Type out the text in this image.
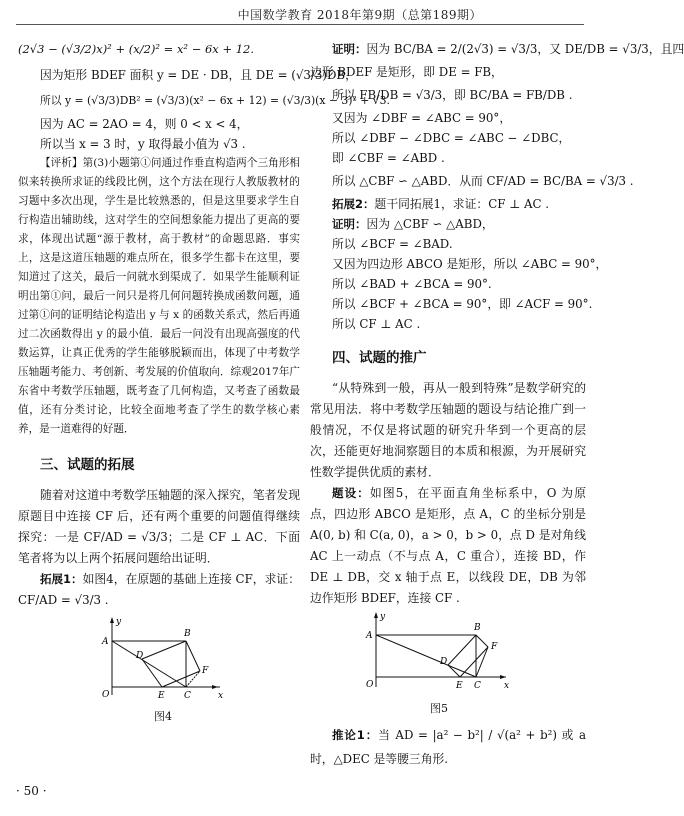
中国数学教育 2018年第9期（总第189期）
(2√3 − (√3/2)x)² + (x/2)² = x² − 6x + 12.
因为矩形 BDEF 面积 y = DE · DB，且 DE = (√3/3)DB，
所以 y = (√3/3)DB² = (√3/3)(x² − 6x + 12) = (√3/3)(x − 3)² + √3.
因为 AC = 2AO = 4，则 0 < x < 4，
所以当 x = 3 时，y 取得最小值为 √3 .
【评析】第(3)小题第①问通过作垂直构造两个三角形相似来转换所求证的线段比例，这个方法在现行人教版教材的习题中多次出现，学生是比较熟悉的，但是这里要求学生自行构造出辅助线，这对学生的空间想象能力提出了更高的要求，体现出试题“源于教材，高于教材”的命题思路．事实上，这是这道压轴题的难点所在，很多学生都卡在这里，要知道过了这关，最后一问就水到渠成了．如果学生能顺利证明出第①问，最后一问只是将几何问题转换成函数问题，通过第①问的证明结论构造出 y 与 x 的函数关系式，然后再通过二次函数得出 y 的最小值．最后一问没有出现高强度的代数运算，让真正优秀的学生能够脱颖而出，体现了中考数学压轴题考能力、考创新、考发展的价值取向．综观2017年广东省中考数学压轴题，既考查了几何构造，又考查了函数最值，还有分类讨论，比较全面地考查了学生的数学核心素养，是一道难得的好题．
三、试题的拓展
随着对这道中考数学压轴题的深入探究，笔者发现原题目中连接 CF 后，还有两个重要的问题值得继续探究：一是 CF/AD = √3/3；二是 CF ⊥ AC．下面笔者将为以上两个拓展问题给出证明．
拓展1：如图4，在原题的基础上连接 CF，求证：CF/AD = √3/3 .
A
B
D
E C
F
O	x
y
图4
证明：因为 BC/BA = 2/(2√3) = √3/3，又 DE/DB = √3/3，且四
边形 BDEF 是矩形，即 DE = FB，
所以 FB/DB = √3/3，即 BC/BA = FB/DB .
又因为 ∠DBF = ∠ABC = 90°，
所以 ∠DBF − ∠DBC = ∠ABC − ∠DBC，
即 ∠CBF = ∠ABD .
所以 △CBF ∽ △ABD．从而 CF/AD = BC/BA = √3/3 .
拓展2：题干同拓展1，求证：CF ⊥ AC .
证明：因为 △CBF ∽ △ABD，
所以 ∠BCF = ∠BAD.
又因为四边形 ABCO 是矩形，所以 ∠ABC = 90°，
所以 ∠BAD + ∠BCA = 90°.
所以 ∠BCF + ∠BCA = 90°，即 ∠ACF = 90°.
所以 CF ⊥ AC .
四、试题的推广
“从特殊到一般，再从一般到特殊”是数学研究的常见用法．将中考数学压轴题的题设与结论推广到一般情况，不仅是将试题的研究升华到一个更高的层次，还能更好地洞察题目的本质和根源，为开展研究性数学提供优质的素材．
题设：如图5，在平面直角坐标系中，O 为原点，四边形 ABCO 是矩形，点 A，C 的坐标分别是 A(0, b) 和 C(a, 0)，a > 0，b > 0，点 D 是对角线 AC 上一动点（不与点 A，C 重合），连接 BD，作 DE ⊥ DB，交 x 轴于点 E，以线段 DE，DB 为邻边作矩形 BDEF，连接 CF .
A
B
D
E C
F
O	x
y
图5
推论1：当 AD = |a² − b²| / √(a² + b²) 或 a 时，△DEC 是等腰三角形.
· 50 ·
